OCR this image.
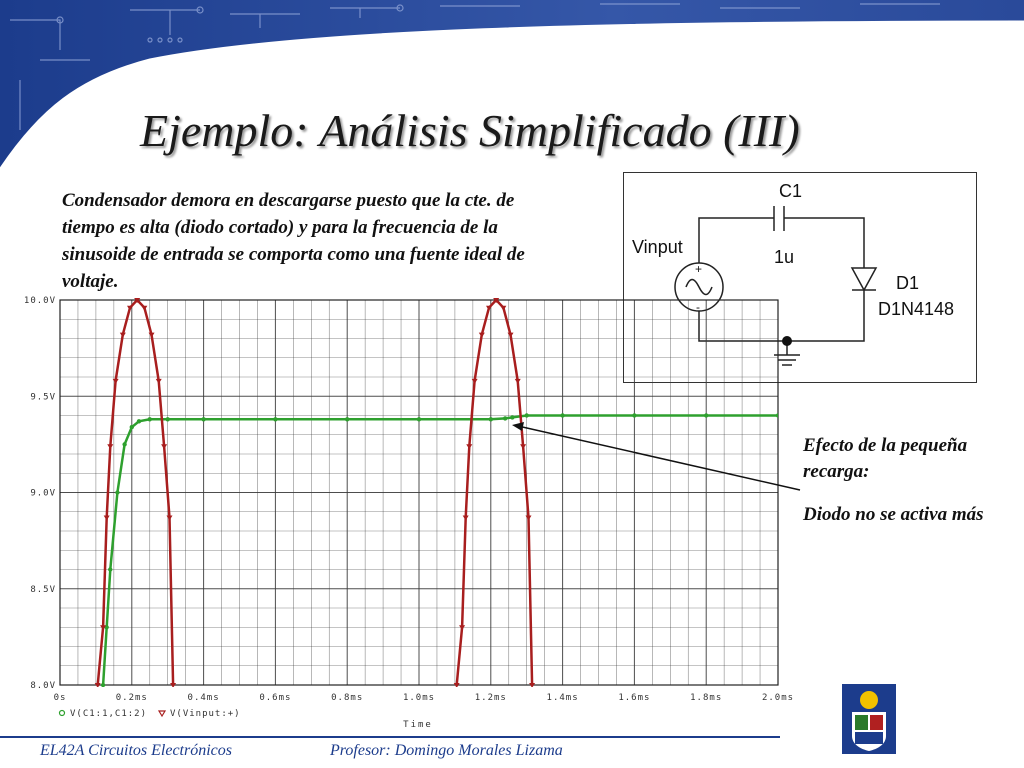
Ejemplo: Análisis Simplificado (III)

Condensador demora en descargarse puesto que la cte. de tiempo es alta (diodo cortado) y para la frecuencia de la sinusoide de entrada se comporta como una fuente ideal de voltaje.

C1
1u
Vinput
+
-
D1
D1N4148
0s	0.2ms	0.4ms	0.6ms	0.8ms	1.0ms	1.2ms	1.4ms	1.6ms	1.8ms	2.0ms
8.0V
8.5V
9.0V
9.5V
10.0V
V(C1:1,C1:2)	V(Vinput:+)
Time

Efecto de la pequeña recarga:

Diodo no se activa más

EL42A Circuitos Electrónicos	Profesor: Domingo Morales Lizama
